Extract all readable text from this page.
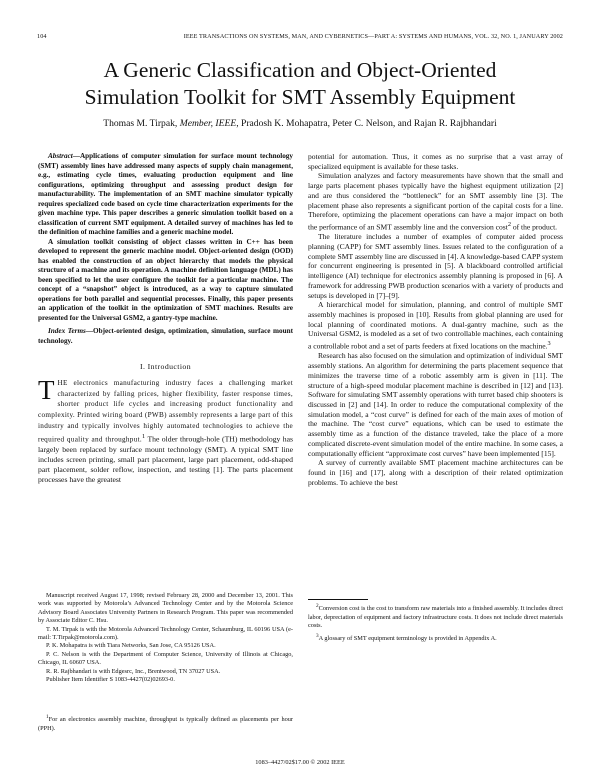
104	IEEE TRANSACTIONS ON SYSTEMS, MAN, AND CYBERNETICS—PART A: SYSTEMS AND HUMANS, VOL. 32, NO. 1, JANUARY 2002
A Generic Classification and Object-Oriented
Simulation Toolkit for SMT Assembly Equipment
Thomas M. Tirpak, Member, IEEE, Pradosh K. Mohapatra, Peter C. Nelson, and Rajan R. Rajbhandari

Abstract—Applications of computer simulation for surface mount technology (SMT) assembly lines have addressed many aspects of supply chain management, e.g., estimating cycle times, evaluating production equipment and line configurations, optimizing throughput and assessing product design for manufacturability. The implementation of an SMT machine simulator typically requires specialized code based on cycle time characterization experiments for the given machine type. This paper describes a generic simulation toolkit based on a classification of current SMT equipment. A detailed survey of machines has led to the definition of machine families and a generic machine model.

A simulation toolkit consisting of object classes written in C++ has been developed to represent the generic machine model. Object-oriented design (OOD) has enabled the construction of an object hierarchy that models the physical structure of a machine and its operation. A machine definition language (MDL) has been specified to let the user configure the toolkit for a particular machine. The concept of a “snapshot” object is introduced, as a way to capture simulated operations for both parallel and sequential processes. Finally, this paper presents an application of the toolkit in the optimization of SMT machines. Results are presented for the Universal GSM2, a gantry-type machine.

Index Terms—Object-oriented design, optimization, simulation, surface mount technology.

I. Introduction

THE electronics manufacturing industry faces a challenging market characterized by falling prices, higher flexibility, faster response times, shorter product life cycles and increasing product functionality and complexity. Printed wiring board (PWB) assembly represents a large part of this industry and typically involves highly automated technologies to achieve the required quality and throughput.$^1$ The older through-hole (TH) methodology has largely been replaced by surface mount technology (SMT). A typical SMT line includes screen printing, small part placement, large part placement, odd-shaped part placement, solder reflow, inspection, and testing [1]. The parts placement processes have the greatest

potential for automation. Thus, it comes as no surprise that a vast array of specialized equipment is available for these tasks.

Simulation analyzes and factory measurements have shown that the small and large parts placement phases typically have the highest equipment utilization [2] and are thus considered the “bottleneck” for an SMT assembly line [3]. The placement phase also represents a significant portion of the capital costs for a line. Therefore, optimizing the placement operations can have a major impact on both the performance of an SMT assembly line and the conversion cost$^2$ of the product.

The literature includes a number of examples of computer aided process planning (CAPP) for SMT assembly lines. Issues related to the configuration of a complete SMT assembly line are discussed in [4]. A knowledge-based CAPP system for concurrent engineering is presented in [5]. A blackboard controlled artificial intelligence (AI) technique for electronics assembly planning is proposed in [6]. A framework for addressing PWB production scenarios with a variety of products and setups is developed in [7]–[9].

A hierarchical model for simulation, planning, and control of multiple SMT assembly machines is proposed in [10]. Results from global planning are used for local planning of coordinated motions. A dual-gantry machine, such as the Universal GSM2, is modeled as a set of two controllable machines, each containing a controllable robot and a set of parts feeders at fixed locations on the machine.$^3$

Research has also focused on the simulation and optimization of individual SMT assembly stations. An algorithm for determining the parts placement sequence that minimizes the traverse time of a robotic assembly arm is given in [11]. The structure of a high-speed modular placement machine is described in [12] and [13]. Software for simulating SMT assembly operations with turret based chip shooters is discussed in [2] and [14]. In order to reduce the computational complexity of the simulation model, a “cost curve” is defined for each of the main axes of motion of the machine. The “cost curve” equations, which can be used to estimate the assembly time as a function of the distance traveled, take the place of a more complicated discrete-event simulation model of the entire machine. In some cases, a computationally efficient “approximate cost curves” have been implemented [15].

A survey of currently available SMT placement machine architectures can be found in [16] and [17], along with a description of their related optimization problems. To achieve the best

Manuscript received August 17, 1998; revised February 28, 2000 and December 13, 2001. This work was supported by Motorola’s Advanced Technology Center and by the Motorola Science Advisory Board Associates University Partners in Research Program. This paper was recommended by Associate Editor C. Hsu.

T. M. Tirpak is with the Motorola Advanced Technology Center, Schaumburg, IL 60196 USA (e-mail: T.Tirpak@motorola.com).

P. K. Mohapatra is with Tiara Networks, San Jose, CA 95126 USA.

P. C. Nelson is with the Department of Computer Science, University of Illinois at Chicago, Chicago, IL 60607 USA.

R. R. Rajbhandari is with Edgesrc, Inc., Brentwood, TN 37027 USA.

Publisher Item Identifier S 1083-4427(02)02693-0.

$^1$For an electronics assembly machine, throughput is typically defined as placements per hour (PPH).

$^2$Conversion cost is the cost to transform raw materials into a finished assembly. It includes direct labor, depreciation of equipment and factory infrastructure costs. It does not include direct materials costs.

$^3$A glossary of SMT equipment terminology is provided in Appendix A.

1083–4427/02$17.00 © 2002 IEEE
